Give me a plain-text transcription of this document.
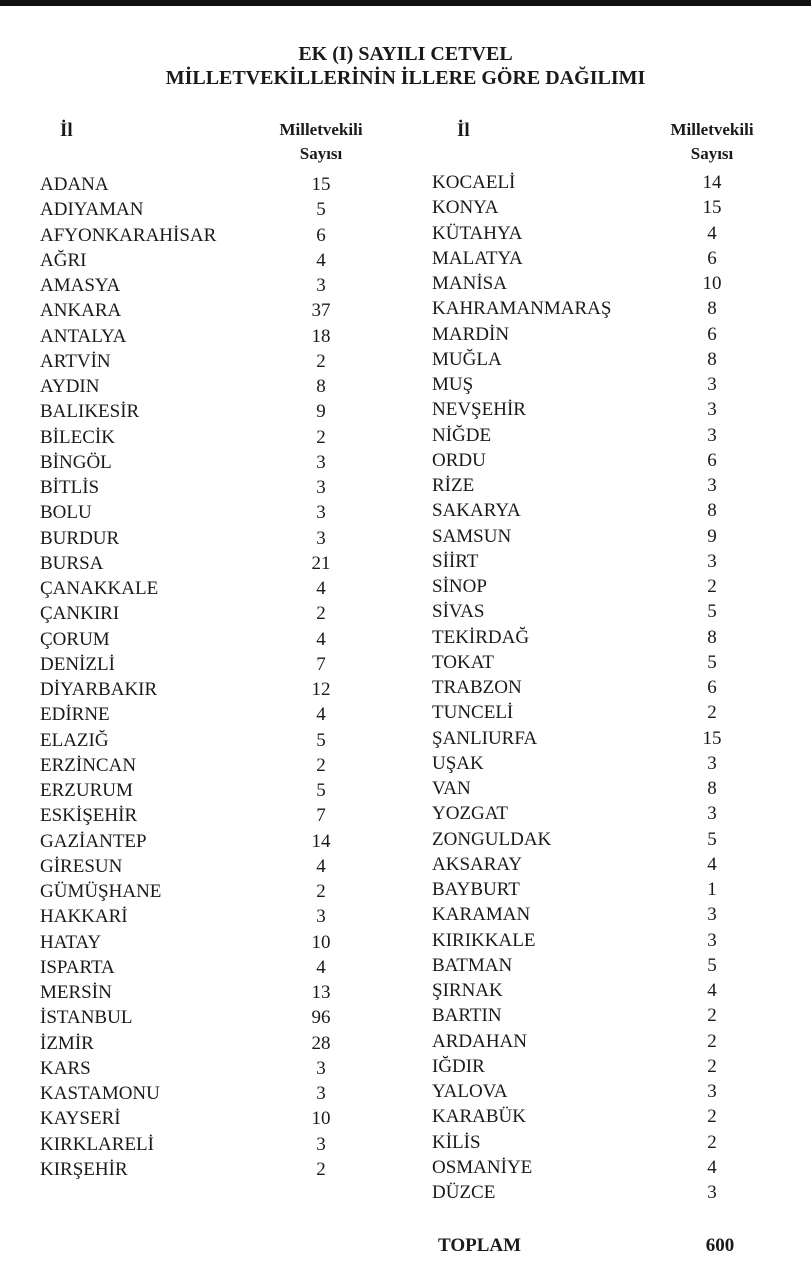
EK (I) SAYILI CETVEL
MİLLETVEKİLLERİNİN İLLERE GÖRE DAĞILIMI
İl	Milletvekili
Sayısı
ADANA	15
ADIYAMAN	5
AFYONKARAHİSAR	6
AĞRI	4
AMASYA	3
ANKARA	37
ANTALYA	18
ARTVİN	2
AYDIN	8
BALIKESİR	9
BİLECİK	2
BİNGÖL	3
BİTLİS	3
BOLU	3
BURDUR	3
BURSA	21
ÇANAKKALE	4
ÇANKIRI	2
ÇORUM	4
DENİZLİ	7
DİYARBAKIR	12
EDİRNE	4
ELAZIĞ	5
ERZİNCAN	2
ERZURUM	5
ESKİŞEHİR	7
GAZİANTEP	14
GİRESUN	4
GÜMÜŞHANE	2
HAKKARİ	3
HATAY	10
ISPARTA	4
MERSİN	13
İSTANBUL	96
İZMİR	28
KARS	3
KASTAMONU	3
KAYSERİ	10
KIRKLARELİ	3
KIRŞEHİR	2
İl	Milletvekili
Sayısı
KOCAELİ	14
KONYA	15
KÜTAHYA	4
MALATYA	6
MANİSA	10
KAHRAMANMARAŞ	8
MARDİN	6
MUĞLA	8
MUŞ	3
NEVŞEHİR	3
NİĞDE	3
ORDU	6
RİZE	3
SAKARYA	8
SAMSUN	9
SİİRT	3
SİNOP	2
SİVAS	5
TEKİRDAĞ	8
TOKAT	5
TRABZON	6
TUNCELİ	2
ŞANLIURFA	15
UŞAK	3
VAN	8
YOZGAT	3
ZONGULDAK	5
AKSARAY	4
BAYBURT	1
KARAMAN	3
KIRIKKALE	3
BATMAN	5
ŞIRNAK	4
BARTIN	2
ARDAHAN	2
IĞDIR	2
YALOVA	3
KARABÜK	2
KİLİS	2
OSMANİYE	4
DÜZCE	3
TOPLAM	600
